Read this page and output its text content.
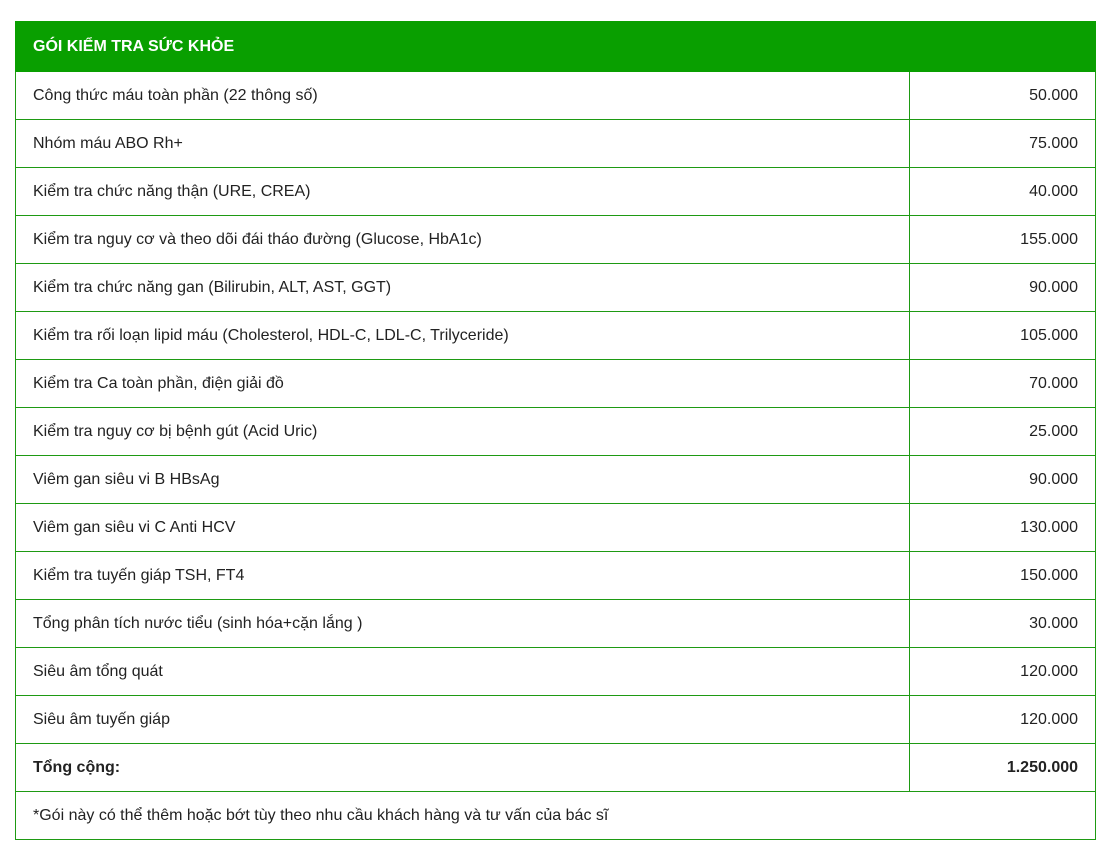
GÓI KIỂM TRA SỨC KHỎE	
Công thức máu toàn phần (22 thông số)	50.000
Nhóm máu ABO Rh+	75.000
Kiểm tra chức năng thận (URE, CREA)	40.000
Kiểm tra nguy cơ và theo dõi đái tháo đường (Glucose, HbA1c)	155.000
Kiểm tra chức năng gan (Bilirubin, ALT, AST, GGT)	90.000
Kiểm tra rối loạn lipid máu (Cholesterol, HDL-C, LDL-C, Trilyceride)	105.000
Kiểm tra Ca toàn phần, điện giải đồ	70.000
Kiểm tra nguy cơ bị bệnh gút (Acid Uric)	25.000
Viêm gan siêu vi B HBsAg	90.000
Viêm gan siêu vi C Anti HCV	130.000
Kiểm tra tuyến giáp TSH, FT4	150.000
Tổng phân tích nước tiểu (sinh hóa+cặn lắng )	30.000
Siêu âm tổng quát	120.000
Siêu âm tuyến giáp	120.000
Tổng cộng:	1.250.000
*Gói này có thể thêm hoặc bớt tùy theo nhu cầu khách hàng và tư vấn của bác sĩ	
